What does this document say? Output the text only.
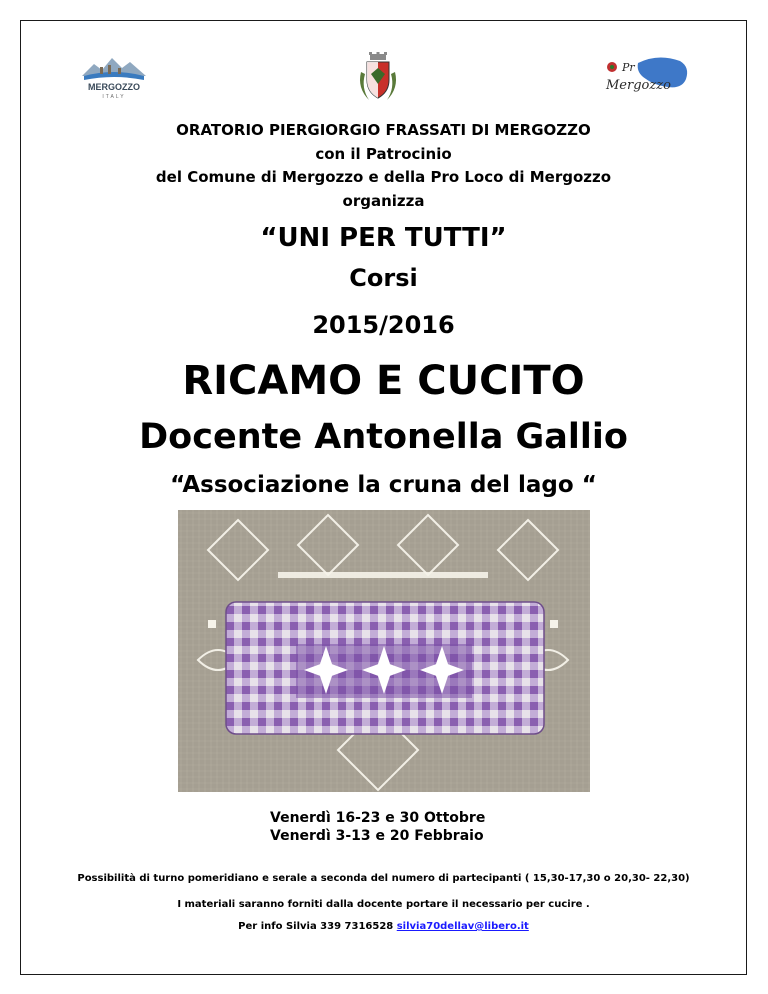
MERGOZZO
ITALY
Pr
Mergozzo
ORATORIO PIERGIORGIO FRASSATI DI MERGOZZO
con il Patrocinio
del Comune di Mergozzo e della Pro Loco di Mergozzo
organizza
“UNI PER TUTTI”
Corsi
2015/2016
RICAMO E CUCITO
Docente Antonella Gallio
“Associazione la cruna del lago “
Venerdì 16-23 e 30 Ottobre
Venerdì 3-13 e 20 Febbraio
Possibilità di turno pomeridiano e serale a seconda del numero di partecipanti ( 15,30-17,30 o 20,30- 22,30)
I materiali saranno forniti dalla docente portare il necessario per cucire .
Per info Silvia 339 7316528 silvia70dellav@libero.it
